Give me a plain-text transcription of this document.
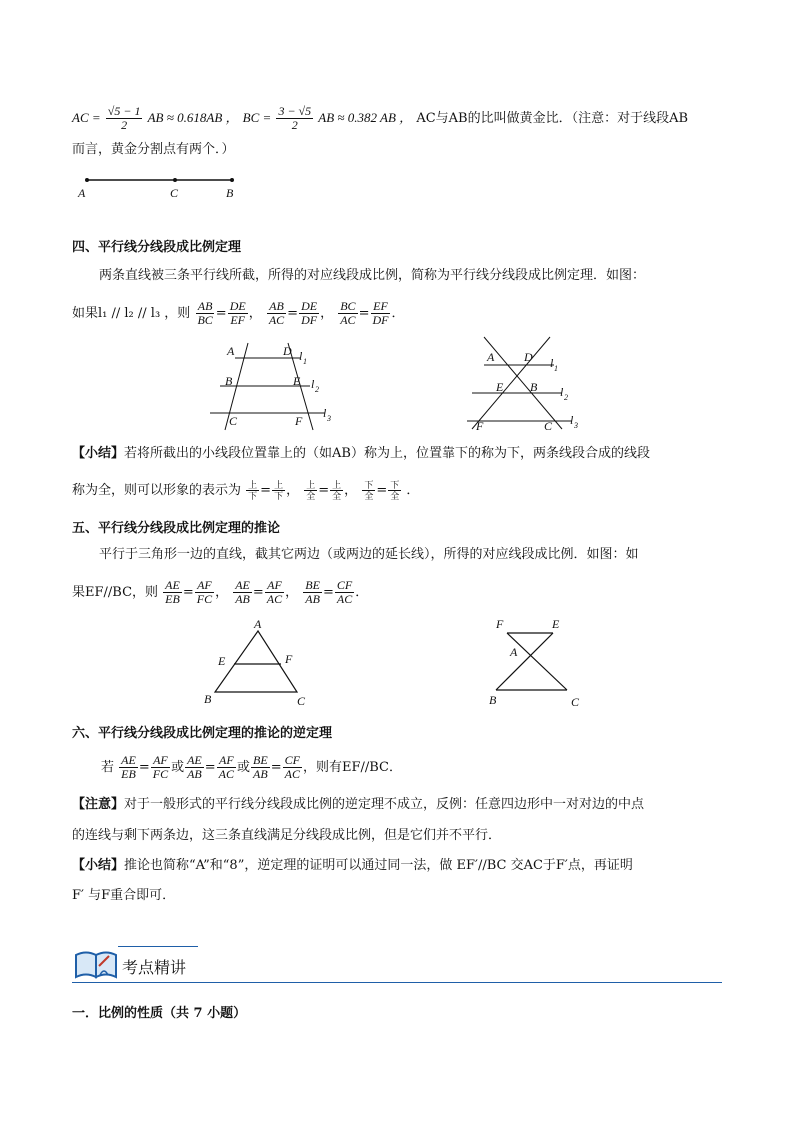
AC = $\frac{√5 - 1}{2}$ AB ≈ 0.618AB ， BC = $\frac{3 - √5}{2}$ AB ≈ 0.382 AB ， AC与AB的比叫做黄金比．（注意：对于线段AB
而言，黄金分割点有两个．）
A	C	B
四、平行线分线段成比例定理
两条直线被三条平行线所截，所得的对应线段成比例，简称为平行线分线段成比例定理．如图：
如果l₁ // l₂ // l₃ ，则 $\frac{AB}{BC} = \frac{DE}{EF}$ ， $\frac{AB}{AC} = \frac{DE}{DF}$ ， $\frac{BC}{AC} = \frac{EF}{DF}$ ．
A	D
B	E
C	F
l 1
l 2
l 3
A D
E B
F	C
l 1
l 2
l 3
【小结】若将所截出的小线段位置靠上的（如AB）称为上，位置靠下的称为下，两条线段合成的线段
称为全，则可以形象的表示为 $\frac{\text{上}}{\text{下}} = \frac{\text{上}}{\text{下}}$ ， $\frac{\text{上}}{\text{全}} = \frac{\text{上}}{\text{全}}$ ， $\frac{\text{下}}{\text{全}} = \frac{\text{下}}{\text{全}}$ ．
五、平行线分线段成比例定理的推论
平行于三角形一边的直线，截其它两边（或两边的延长线），所得的对应线段成比例．如图：如
果EF//BC，则 $\frac{AE}{EB} = \frac{AF}{FC}$ ， $\frac{AE}{AB} = \frac{AF}{AC}$ ， $\frac{BE}{AB} = \frac{CF}{AC}$ ．
A
E	F
B	C
F	E
A
B	C
六、平行线分线段成比例定理的推论的逆定理
若 $\frac{AE}{EB} = \frac{AF}{FC}$ 或 $\frac{AE}{AB} = \frac{AF}{AC}$ 或 $\frac{BE}{AB} = \frac{CF}{AC}$ ，则有EF//BC．
【注意】对于一般形式的平行线分线段成比例的逆定理不成立，反例：任意四边形中一对对边的中点
的连线与剩下两条边，这三条直线满足分线段成比例，但是它们并不平行．
【小结】推论也简称“A”和“8”，逆定理的证明可以通过同一法，做 EF′//BC 交AC于F′点，再证明
F′ 与F重合即可．
考点精讲
一．比例的性质（共 7 小题）
